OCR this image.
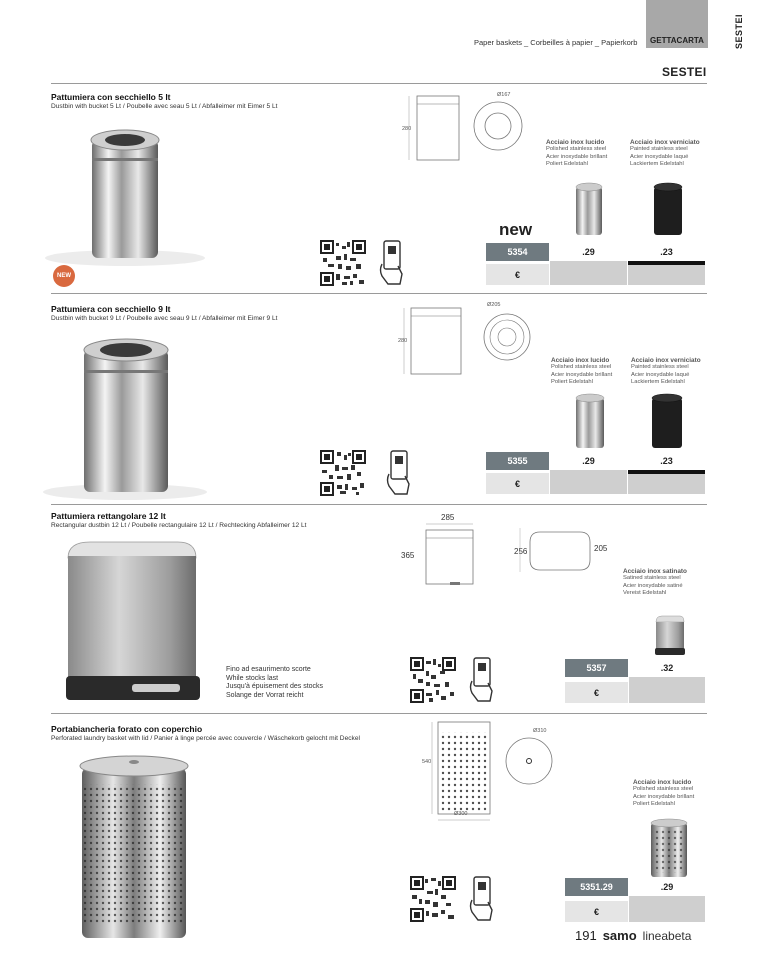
Paper baskets _ Corbeilles à papier _ Papierkorb	GETTACARTA	SESTEI
SESTEI
Pattumiera con secchiello 5 lt
Dustbin with bucket 5 Lt / Poubelle avec seau 5 Lt / Abfalleimer mit Eimer 5 Lt
NEW
280
Ø167
Acciaio inox lucido
Polished stainless steel
Acier inoxydable brillant
Poliert Edelstahl
Acciaio inox verniciato
Painted stainless steel
Acier inoxydable laqué
Lackiertem Edelstahl
new
5354	.29	.23
€
Pattumiera con secchiello 9 lt
Dustbin with bucket 9 Lt / Poubelle avec seau 9 Lt / Abfalleimer mit Eimer 9 Lt
280
Ø205
Acciaio inox lucido
Polished stainless steel
Acier inoxydable brillant
Poliert Edelstahl
Acciaio inox verniciato
Painted stainless steel
Acier inoxydable laqué
Lackiertem Edelstahl
5355	.29	.23
€
Pattumiera rettangolare 12 lt
Rectangular dustbin 12 Lt / Poubelle rectangulaire 12 Lt / Rechtecking Abfalleimer 12 Lt
Fino ad esaurimento scorte
While stocks last
Jusqu'à épuisement des stocks
Solange der Vorrat reicht
285
365	256	205
Acciaio inox satinato
Satined stainless steel
Acier inoxydable satiné
Vereist Edelstahl
5357	.32
€
Portabiancheria forato con coperchio
Perforated laundry basket with lid / Panier à linge percée avec couvercle / Wäschekorb gelocht mit Deckel
540
Ø300
Ø310
Acciaio inox lucido
Polished stainless steel
Acier inoxydable brillant
Poliert Edelstahl
5351.29	.29
€
191 samo lineabeta
